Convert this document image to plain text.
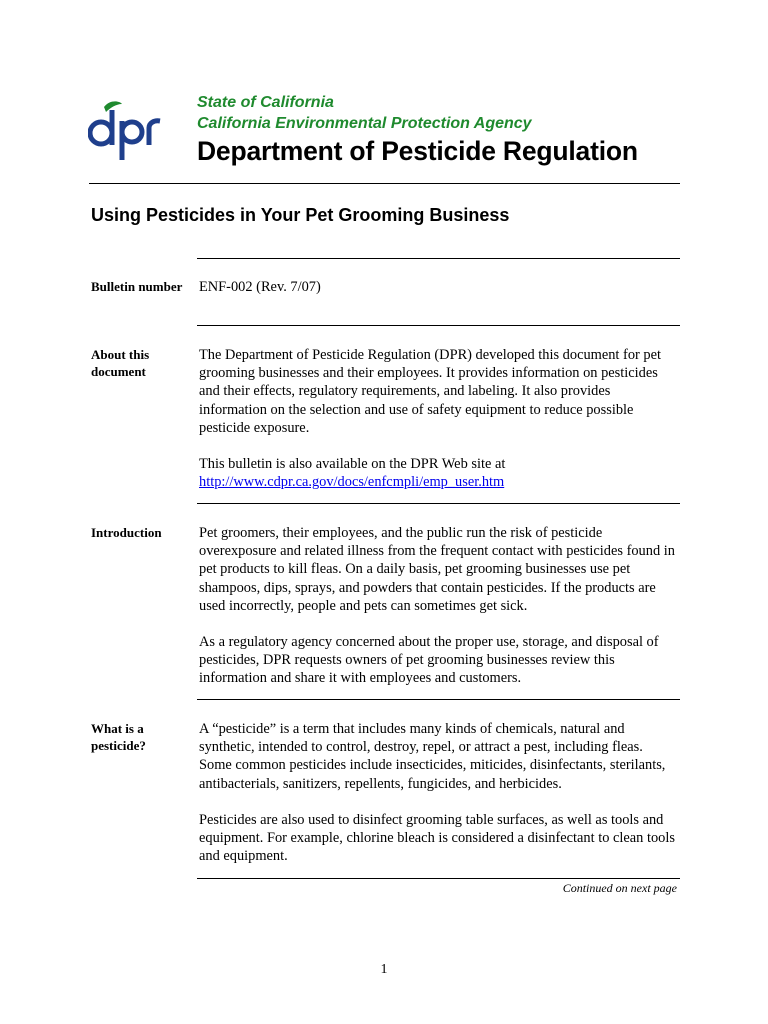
State of California
California Environmental Protection Agency
Department of Pesticide Regulation
Using Pesticides in Your Pet Grooming Business
Bulletin number	ENF-002 (Rev. 7/07)

About this document

The Department of Pesticide Regulation (DPR) developed this document for pet grooming businesses and their employees. It provides information on pesticides and their effects, regulatory requirements, and labeling. It also provides information on the selection and use of safety equipment to reduce possible pesticide exposure.

This bulletin is also available on the DPR Web site at
http://www.cdpr.ca.gov/docs/enfcmpli/emp_user.htm

Introduction	Pet groomers, their employees, and the public run the risk of pesticide overexposure and related illness from the frequent contact with pesticides found in pet products to kill fleas. On a daily basis, pet grooming businesses use pet shampoos, dips, sprays, and powders that contain pesticides. If the products are used incorrectly, people and pets can sometimes get sick.

As a regulatory agency concerned about the proper use, storage, and disposal of pesticides, DPR requests owners of pet grooming businesses review this information and share it with employees and customers.

What is a pesticide?

A “pesticide” is a term that includes many kinds of chemicals, natural and synthetic, intended to control, destroy, repel, or attract a pest, including fleas. Some common pesticides include insecticides, miticides, disinfectants, sterilants, antibacterials, sanitizers, repellents, fungicides, and herbicides.

Pesticides are also used to disinfect grooming table surfaces, as well as tools and equipment. For example, chlorine bleach is considered a disinfectant to clean tools and equipment.

Continued on next page
1
